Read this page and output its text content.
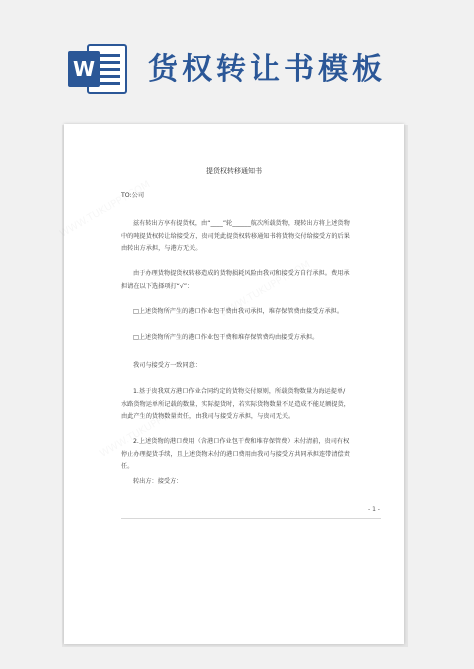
W 货权转让书模板
提货权转移通知书

TO:公司

兹有转出方享有提货权，由“____”轮______航次所载货物，现转出方将上述货物中的吨提货权转让给接受方，贵司凭此提货权转移通知书将货物交付给接受方的后果由转出方承担，与港方无关。

由于办理货物提货权转移造成的货物损耗风险由我司和接受方自行承担。费用承担请在以下选择项打“√”：

□上述货物所产生的港口作业包干费由我司承担，堆存保管费由接受方承担。

□上述货物所产生的港口作业包干费和堆存保管费均由接受方承担。

我司与接受方一致同意：

1.基于贵我双方港口作业合同约定的货物交付原则，所载货物数量为海运提单/水路货物运单所记载的数量，实际提货时，若实际货物数量不足造成不能足额提货，由此产生的货物数量责任，由我司与接受方承担，与贵司无关。

2.上述货物的港口费用（含港口作业包干费和堆存保管费）未付清前，贵司有权停止办理提货手续，且上述货物未付的港口费用由我司与接受方共同承担连带清偿责任。

转出方：接受方：

- 1 -
